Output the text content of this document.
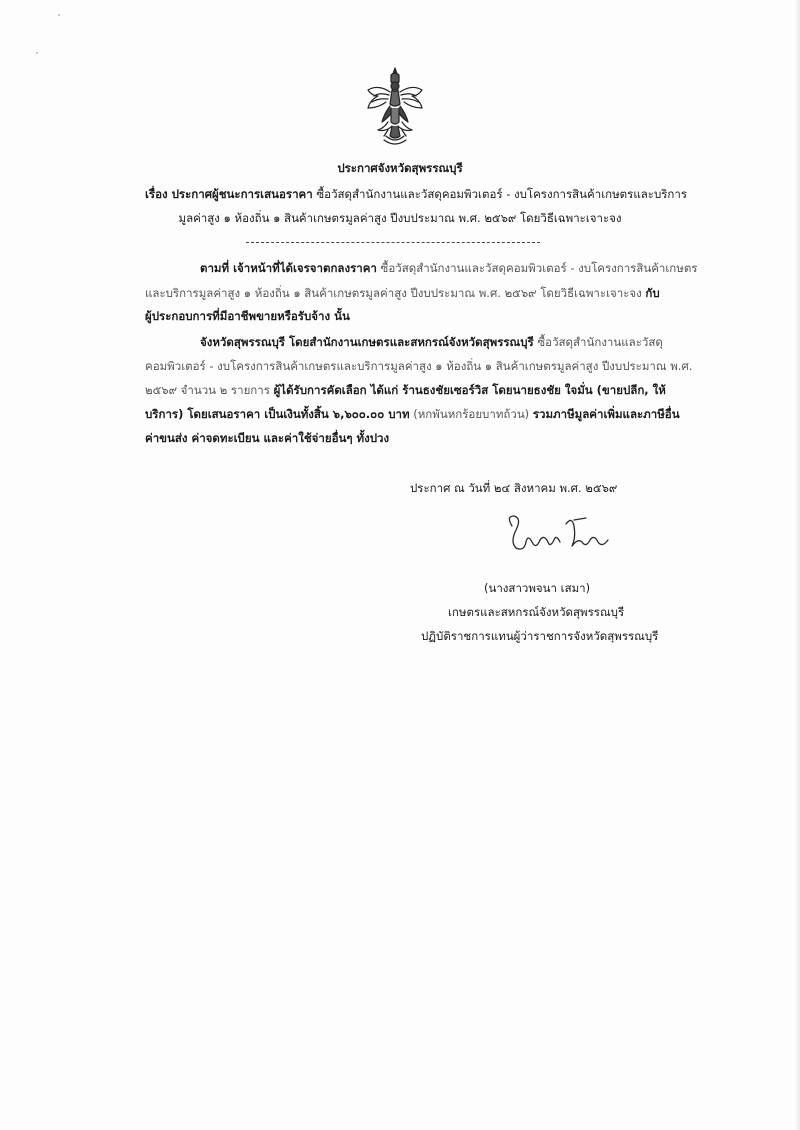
ประกาศจังหวัดสุพรรณบุรี
เรื่อง ประกาศผู้ชนะการเสนอราคา ซื้อวัสดุสำนักงานและวัสดุคอมพิวเตอร์ - งบโครงการสินค้าเกษตรและบริการ
มูลค่าสูง ๑ ห้องถิ่น ๑ สินค้าเกษตรมูลค่าสูง ปีงบประมาณ พ.ศ. ๒๕๖๙ โดยวิธีเฉพาะเจาะจง
ตามที่ เจ้าหน้าที่ได้เจรจาตกลงราคา ซื้อวัสดุสำนักงานและวัสดุคอมพิวเตอร์ - งบโครงการสินค้าเกษตร
และบริการมูลค่าสูง ๑ ห้องถิ่น ๑ สินค้าเกษตรมูลค่าสูง ปีงบประมาณ พ.ศ. ๒๕๖๙ โดยวิธีเฉพาะเจาะจง กับ
ผู้ประกอบการที่มีอาชีพขายหรือรับจ้าง นั้น
จังหวัดสุพรรณบุรี โดยสำนักงานเกษตรและสหกรณ์จังหวัดสุพรรณบุรี ซื้อวัสดุสำนักงานและวัสดุ
คอมพิวเตอร์ - งบโครงการสินค้าเกษตรและบริการมูลค่าสูง ๑ ห้องถิ่น ๑ สินค้าเกษตรมูลค่าสูง ปีงบประมาณ พ.ศ.
๒๕๖๙ จำนวน ๒ รายการ ผู้ได้รับการคัดเลือก ได้แก่ ร้านธงชัยเซอร์วิส โดยนายธงชัย ใจมั่น (ขายปลีก, ให้
บริการ) โดยเสนอราคา เป็นเงินทั้งสิ้น ๖,๖๐๐.๐๐ บาท (หกพันหกร้อยบาทถ้วน) รวมภาษีมูลค่าเพิ่มและภาษีอื่น
ค่าขนส่ง ค่าจดทะเบียน และค่าใช้จ่ายอื่นๆ ทั้งปวง
ประกาศ ณ วันที่ ๒๔ สิงหาคม พ.ศ. ๒๕๖๙
(นางสาวพจนา เสมา)
เกษตรและสหกรณ์จังหวัดสุพรรณบุรี
ปฏิบัติราชการแทนผู้ว่าราชการจังหวัดสุพรรณบุรี
